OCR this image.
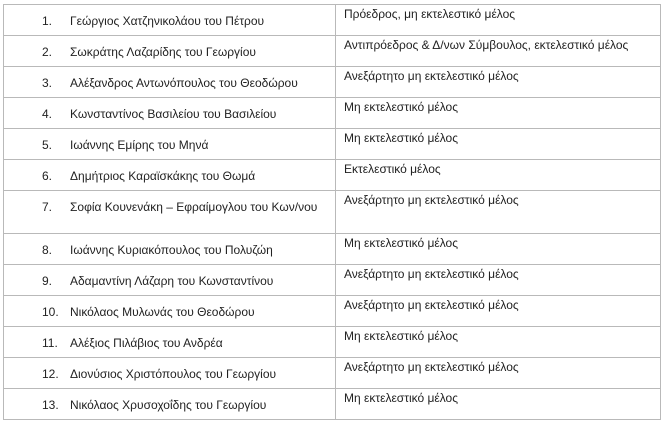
1. Γεώργιος Χατζηνικολάου του Πέτρου	Πρόεδρος, μη εκτελεστικό μέλος
2. Σωκράτης Λαζαρίδης του Γεωργίου	Αντιπρόεδρος & Δ/νων Σύμβουλος, εκτελεστικό μέλος
3. Αλέξανδρος Αντωνόπουλος του Θεοδώρου	Ανεξάρτητο μη εκτελεστικό μέλος
4. Κωνσταντίνος Βασιλείου του Βασιλείου	Μη εκτελεστικό μέλος
5. Ιωάννης Εμίρης του Μηνά	Μη εκτελεστικό μέλος
6. Δημήτριος Καραϊσκάκης του Θωμά	Εκτελεστικό μέλος
7. Σοφία Κουνενάκη – Εφραίμογλου του Κων/νου	Ανεξάρτητο μη εκτελεστικό μέλος
8. Ιωάννης Κυριακόπουλος του Πολυζώη	Μη εκτελεστικό μέλος
9. Αδαμαντίνη Λάζαρη του Κωνσταντίνου	Ανεξάρτητο μη εκτελεστικό μέλος
10. Νικόλαος Μυλωνάς του Θεοδώρου	Ανεξάρτητο μη εκτελεστικό μέλος
11. Αλέξιος Πιλάβιος του Ανδρέα	Μη εκτελεστικό μέλος
12. Διονύσιος Χριστόπουλος του Γεωργίου	Ανεξάρτητο μη εκτελεστικό μέλος
13. Νικόλαος Χρυσοχοΐδης του Γεωργίου	Μη εκτελεστικό μέλος
